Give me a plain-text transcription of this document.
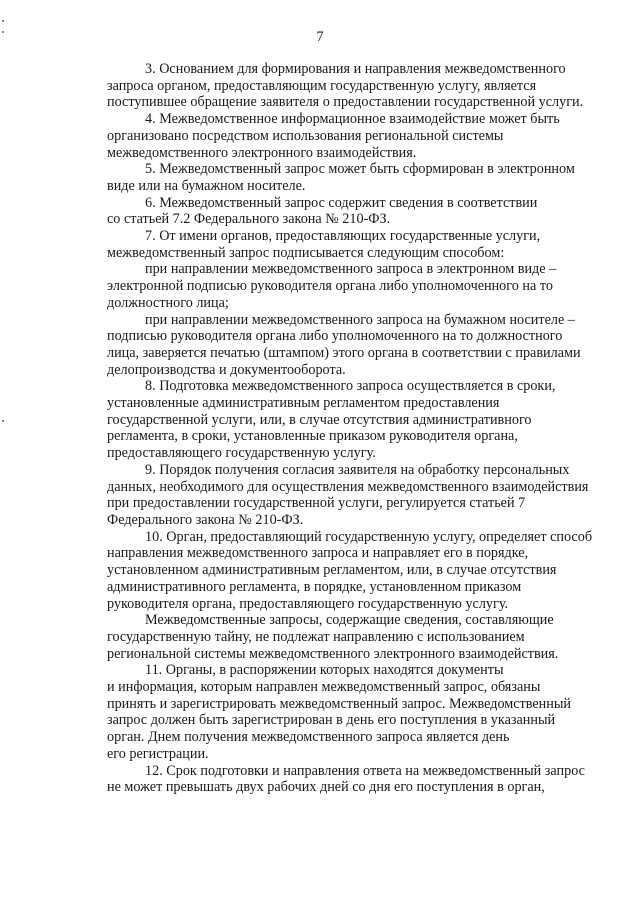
7

3. Основанием для формирования и направления межведомственного
запроса органом, предоставляющим государственную услугу, является
поступившее обращение заявителя о предоставлении государственной услуги.

4. Межведомственное информационное взаимодействие может быть
организовано посредством использования региональной системы
межведомственного электронного взаимодействия.

5. Межведомственный запрос может быть сформирован в электронном
виде или на бумажном носителе.

6. Межведомственный запрос содержит сведения в соответствии
со статьей 7.2 Федерального закона № 210-ФЗ.

7. От имени органов, предоставляющих государственные услуги,
межведомственный запрос подписывается следующим способом:

при направлении межведомственного запроса в электронном виде –
электронной подписью руководителя органа либо уполномоченного на то
должностного лица;

при направлении межведомственного запроса на бумажном носителе –
подписью руководителя органа либо уполномоченного на то должностного
лица, заверяется печатью (штампом) этого органа в соответствии с правилами
делопроизводства и документооборота.

8. Подготовка межведомственного запроса осуществляется в сроки,
установленные административным регламентом предоставления
государственной услуги, или, в случае отсутствия административного
регламента, в сроки, установленные приказом руководителя органа,
предоставляющего государственную услугу.

9. Порядок получения согласия заявителя на обработку персональных
данных, необходимого для осуществления межведомственного взаимодействия
при предоставлении государственной услуги, регулируется статьей 7
Федерального закона № 210-ФЗ.

10. Орган, предоставляющий государственную услугу, определяет способ
направления межведомственного запроса и направляет его в порядке,
установленном административным регламентом, или, в случае отсутствия
административного регламента, в порядке, установленном приказом
руководителя органа, предоставляющего государственную услугу.

Межведомственные запросы, содержащие сведения, составляющие
государственную тайну, не подлежат направлению с использованием
региональной системы межведомственного электронного взаимодействия.

11. Органы, в распоряжении которых находятся документы
и информация, которым направлен межведомственный запрос, обязаны
принять и зарегистрировать межведомственный запрос. Межведомственный
запрос должен быть зарегистрирован в день его поступления в указанный
орган. Днем получения межведомственного запроса является день
его регистрации.

12. Срок подготовки и направления ответа на межведомственный запрос
не может превышать двух рабочих дней со дня его поступления в орган,
